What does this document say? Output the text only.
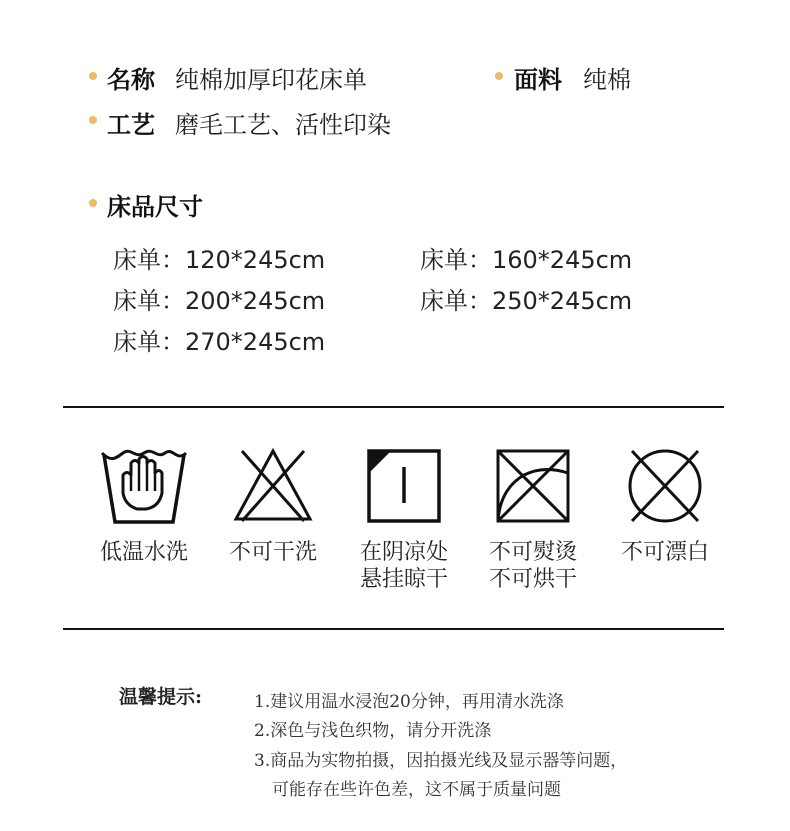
名称 纯棉加厚印花床单	面料 纯棉
工艺 磨毛工艺、活性印染
床品尺寸
床单：120*245cm	床单：160*245cm
床单：200*245cm	床单：250*245cm
床单：270*245cm
低温水洗	不可干洗	在阴凉处
悬挂晾干
不可熨烫
不可烘干
不可漂白
温馨提示:	1.建议用温水浸泡20分钟，再用清水洗涤
2.深色与浅色织物，请分开洗涤
3.商品为实物拍摄，因拍摄光线及显示器等问题，
可能存在些许色差，这不属于质量问题
